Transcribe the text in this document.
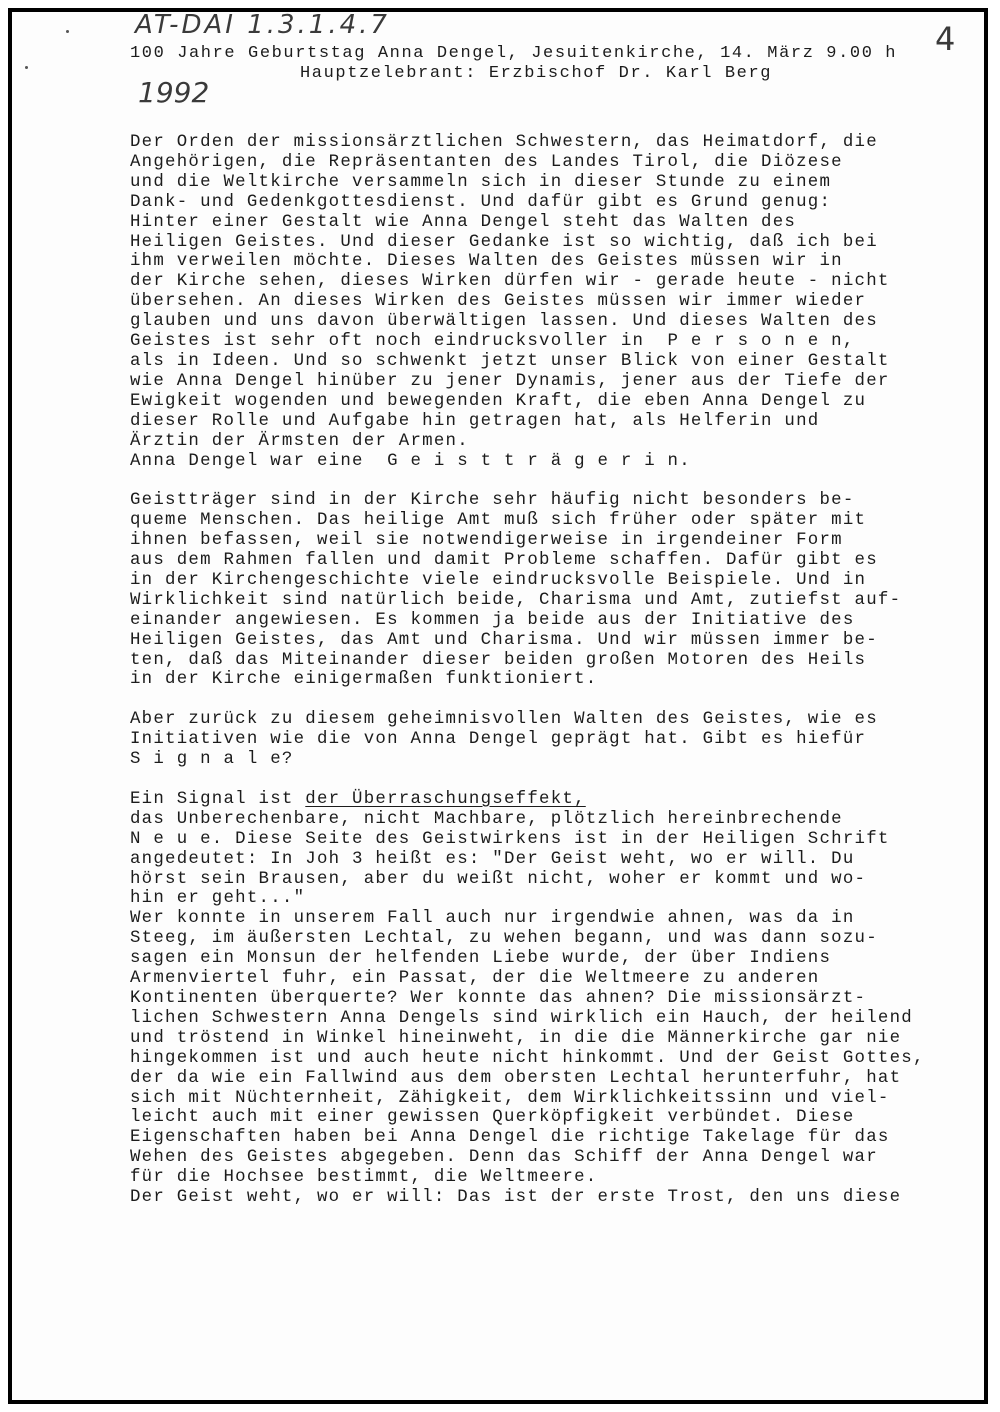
AT-DAI 1.3.1.4.7
1992
4
100 Jahre Geburtstag Anna Dengel, Jesuitenkirche, 14. März 9.00 h
Hauptzelebrant: Erzbischof Dr. Karl Berg
Der Orden der missionsärztlichen Schwestern, das Heimatdorf, die
Angehörigen, die Repräsentanten des Landes Tirol, die Diözese
und die Weltkirche versammeln sich in dieser Stunde zu einem
Dank- und Gedenkgottesdienst. Und dafür gibt es Grund genug:
Hinter einer Gestalt wie Anna Dengel steht das Walten des
Heiligen Geistes. Und dieser Gedanke ist so wichtig, daß ich bei
ihm verweilen möchte. Dieses Walten des Geistes müssen wir in
der Kirche sehen, dieses Wirken dürfen wir - gerade heute - nicht
übersehen. An dieses Wirken des Geistes müssen wir immer wieder
glauben und uns davon überwältigen lassen. Und dieses Walten des
Geistes ist sehr oft noch eindrucksvoller in  P e r s o n e n,
als in Ideen. Und so schwenkt jetzt unser Blick von einer Gestalt
wie Anna Dengel hinüber zu jener Dynamis, jener aus der Tiefe der
Ewigkeit wogenden und bewegenden Kraft, die eben Anna Dengel zu
dieser Rolle und Aufgabe hin getragen hat, als Helferin und
Ärztin der Ärmsten der Armen.
Anna Dengel war eine  G e i s t t r ä g e r i n.
Geistträger sind in der Kirche sehr häufig nicht besonders be-
queme Menschen. Das heilige Amt muß sich früher oder später mit
ihnen befassen, weil sie notwendigerweise in irgendeiner Form
aus dem Rahmen fallen und damit Probleme schaffen. Dafür gibt es
in der Kirchengeschichte viele eindrucksvolle Beispiele. Und in
Wirklichkeit sind natürlich beide, Charisma und Amt, zutiefst auf-
einander angewiesen. Es kommen ja beide aus der Initiative des
Heiligen Geistes, das Amt und Charisma. Und wir müssen immer be-
ten, daß das Miteinander dieser beiden großen Motoren des Heils
in der Kirche einigermaßen funktioniert.
Aber zurück zu diesem geheimnisvollen Walten des Geistes, wie es
Initiativen wie die von Anna Dengel geprägt hat. Gibt es hiefür
S i g n a l e?
Ein Signal ist der Überraschungseffekt,
das Unberechenbare, nicht Machbare, plötzlich hereinbrechende
N e u e. Diese Seite des Geistwirkens ist in der Heiligen Schrift
angedeutet: In Joh 3 heißt es: "Der Geist weht, wo er will. Du
hörst sein Brausen, aber du weißt nicht, woher er kommt und wo-
hin er geht..."
Wer konnte in unserem Fall auch nur irgendwie ahnen, was da in
Steeg, im äußersten Lechtal, zu wehen begann, und was dann sozu-
sagen ein Monsun der helfenden Liebe wurde, der über Indiens
Armenviertel fuhr, ein Passat, der die Weltmeere zu anderen
Kontinenten überquerte? Wer konnte das ahnen? Die missionsärzt-
lichen Schwestern Anna Dengels sind wirklich ein Hauch, der heilend
und tröstend in Winkel hineinweht, in die die Männerkirche gar nie
hingekommen ist und auch heute nicht hinkommt. Und der Geist Gottes,
der da wie ein Fallwind aus dem obersten Lechtal herunterfuhr, hat
sich mit Nüchternheit, Zähigkeit, dem Wirklichkeitssinn und viel-
leicht auch mit einer gewissen Querköpfigkeit verbündet. Diese
Eigenschaften haben bei Anna Dengel die richtige Takelage für das
Wehen des Geistes abgegeben. Denn das Schiff der Anna Dengel war
für die Hochsee bestimmt, die Weltmeere.
Der Geist weht, wo er will: Das ist der erste Trost, den uns diese
